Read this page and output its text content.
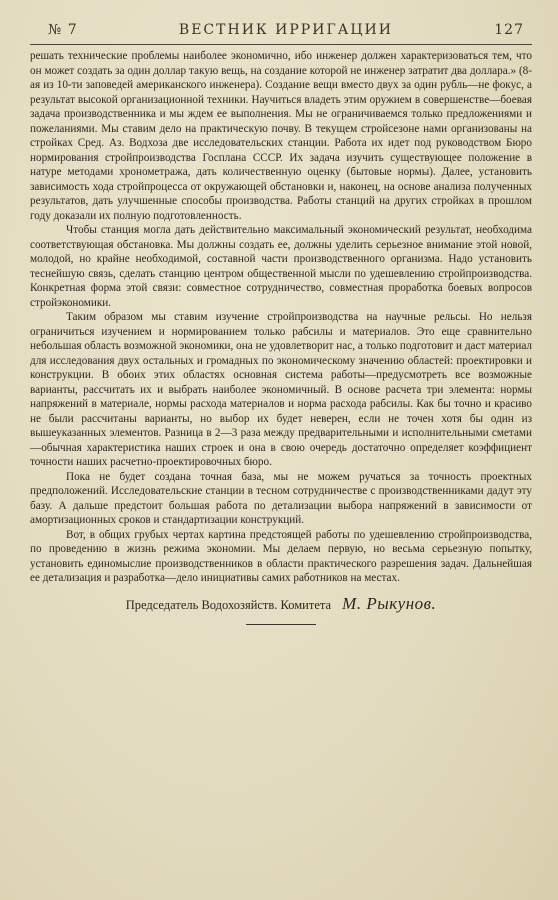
№ 7	ВЕСТНИК ИРРИГАЦИИ	127

решать технические проблемы наиболее экономично, ибо инженер должен характеризоваться тем, что он может создать за один доллар такую вещь, на создание которой не инженер затратит два доллара.» (8-ая из 10-ти заповедей американского инженера). Создание вещи вместо двух за один рубль—не фокус, а результат высокой организационной техники. Научиться владеть этим оружием в совершенстве—боевая задача производственника и мы ждем ее выполнения. Мы не ограничиваемся только предложениями и пожеланиями. Мы ставим дело на практическую почву. В текущем стройсезоне нами организованы на стройках Сред. Аз. Водхоза две исследовательских станции. Работа их идет под руководством Бюро нормирования стройпроизводства Госплана СССР. Их задача изучить существующее положение в натуре методами хронометража, дать количественную оценку (бытовые нормы). Далее, установить зависимость хода стройпроцесса от окружающей обстановки и, наконец, на основе анализа полученных результатов, дать улучшенные способы производства. Работы станций на других стройках в прошлом году доказали их полную подготовленность.

Чтобы станция могла дать действительно максимальный экономический результат, необходима соответствующая обстановка. Мы должны создать ее, должны уделить серьезное внимание этой новой, молодой, но крайне необходимой, составной части производственного организма. Надо установить теснейшую связь, сделать станцию центром общественной мысли по удешевлению стройпроизводства. Конкретная форма этой связи: совместное сотрудничество, совместная проработка боевых вопросов стройэкономики.

Таким образом мы ставим изучение стройпроизводства на научные рельсы. Но нельзя ограничиться изучением и нормированием только рабсилы и материалов. Это еще сравнительно небольшая область возможной экономики, она не удовлетворит нас, а только подготовит и даст материал для исследования двух остальных и громадных по экономическому значению областей: проектировки и конструкции. В обоих этих областях основная система работы—предусмотреть все возможные варианты, рассчитать их и выбрать наиболее экономичный. В основе расчета три элемента: нормы напряжений в материале, нормы расхода материалов и норма расхода рабсилы. Как бы точно и красиво не были рассчитаны варианты, но выбор их будет неверен, если не точен хотя бы один из вышеуказанных элементов. Разница в 2—3 раза между предварительными и исполнительными сметами—обычная характеристика наших строек и она в свою очередь достаточно определяет коэффициент точности наших расчетно-проектировочных бюро.

Пока не будет создана точная база, мы не можем ручаться за точность проектных предположений. Исследовательские станции в тесном сотрудничестве с производственниками дадут эту базу. А дальше предстоит большая работа по детализации выбора напряжений в зависимости от амортизационных сроков и стандартизации конструкций.

Вот, в общих грубых чертах картина предстоящей работы по удешевлению стройпроизводства, по проведению в жизнь режима экономии. Мы делаем первую, но весьма серьезную попытку, установить единомыслие производственников в области практического разрешения задач. Дальнейшая ее детализация и разработка—дело инициативы самих работников на местах.

Председатель Водохозяйств. Комитета М. Рыкунов.
